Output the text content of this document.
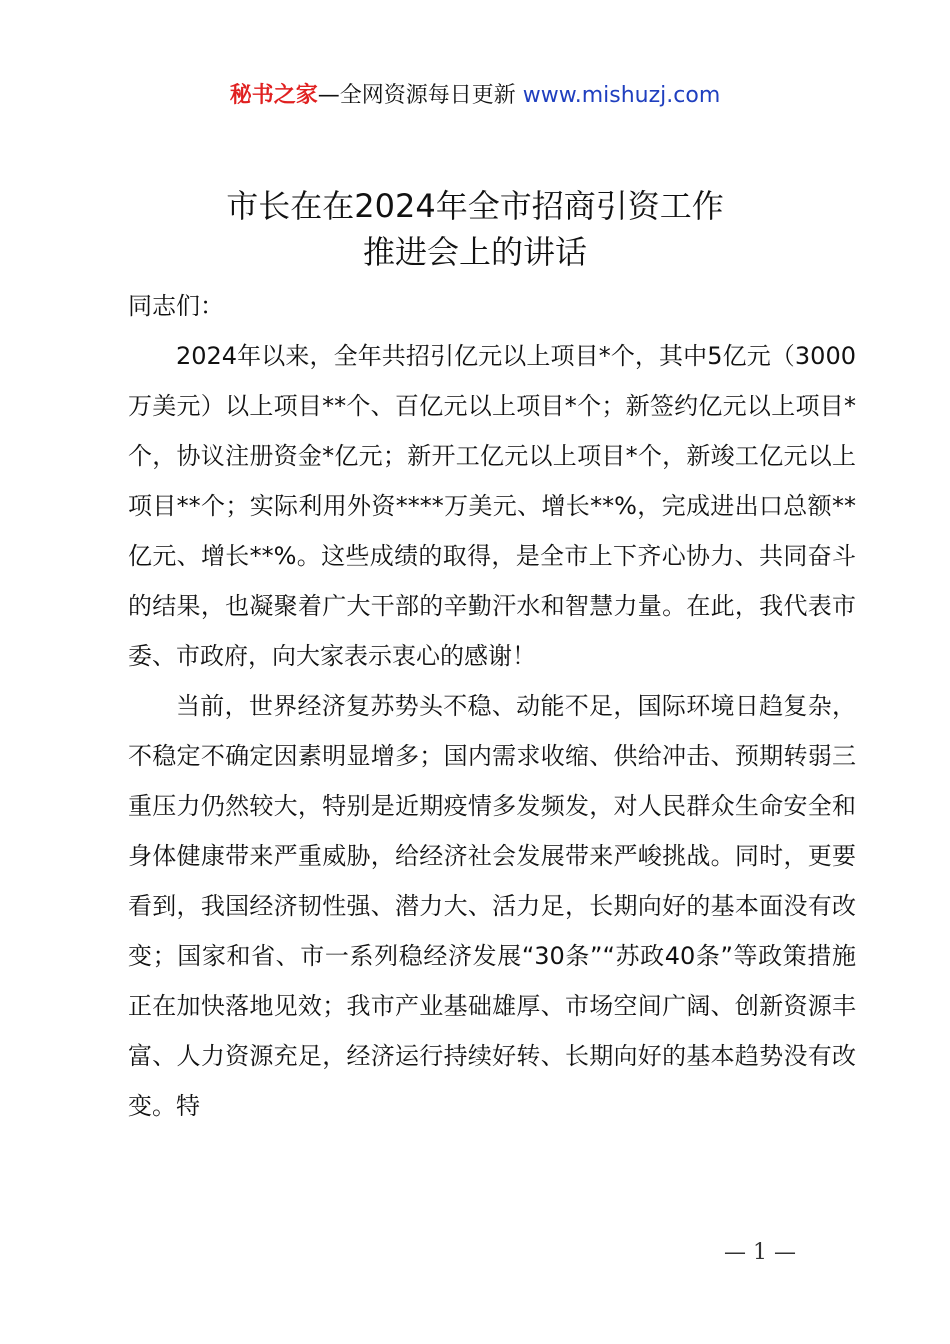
秘书之家—全网资源每日更新 www.mishuzj.com
市长在在2024年全市招商引资工作
推进会上的讲话

同志们：

2024年以来，全年共招引亿元以上项目*个，其中5亿元（3000万美元）以上项目**个、百亿元以上项目*个；新签约亿元以上项目*个，协议注册资金*亿元；新开工亿元以上项目*个，新竣工亿元以上项目**个；实际利用外资****万美元、增长**%，完成进出口总额**亿元、增长**%。这些成绩的取得，是全市上下齐心协力、共同奋斗的结果，也凝聚着广大干部的辛勤汗水和智慧力量。在此，我代表市委、市政府，向大家表示衷心的感谢！

当前，世界经济复苏势头不稳、动能不足，国际环境日趋复杂，不稳定不确定因素明显增多；国内需求收缩、供给冲击、预期转弱三重压力仍然较大，特别是近期疫情多发频发，对人民群众生命安全和身体健康带来严重威胁，给经济社会发展带来严峻挑战。同时，更要看到，我国经济韧性强、潜力大、活力足，长期向好的基本面没有改变；国家和省、市一系列稳经济发展“30条”“苏政40条”等政策措施正在加快落地见效；我市产业基础雄厚、市场空间广阔、创新资源丰富、人力资源充足，经济运行持续好转、长期向好的基本趋势没有改变。特

— 1 —
